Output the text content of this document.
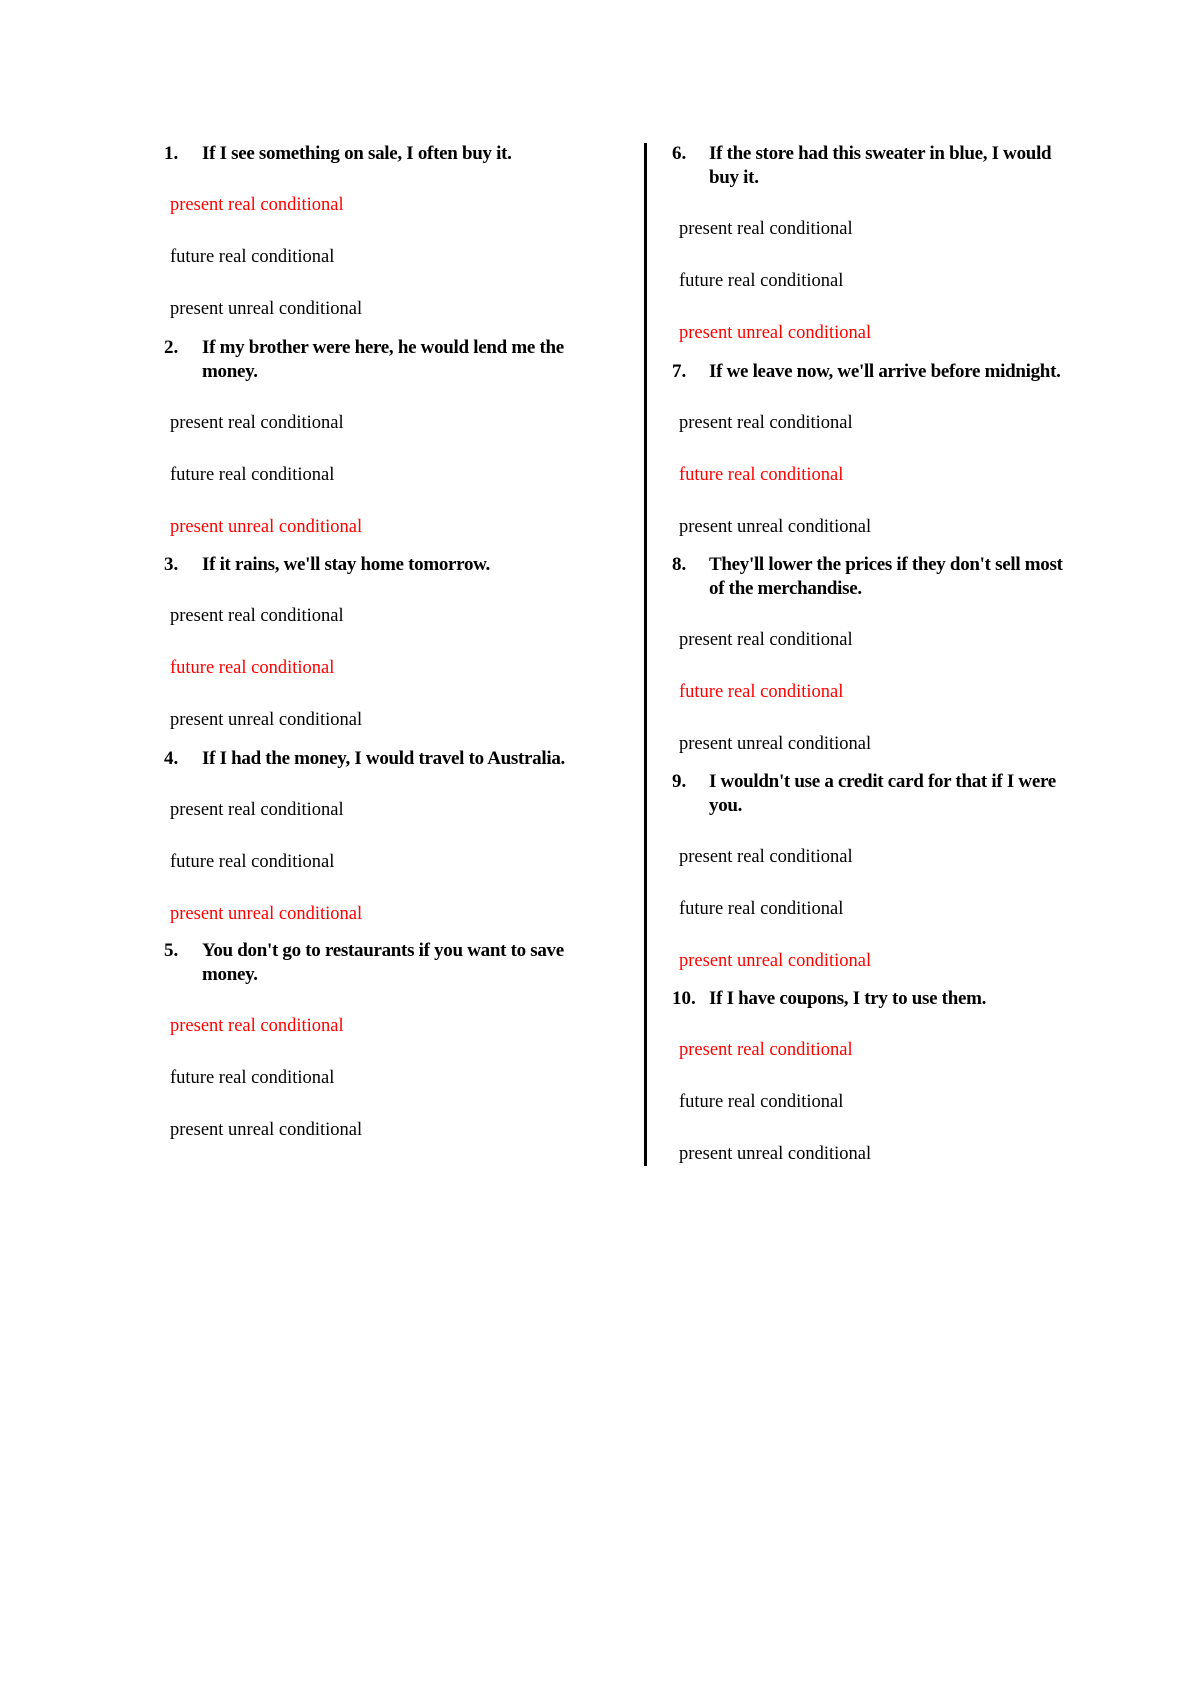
1. If I see something on sale, I often buy it.
present real conditional
future real conditional
present unreal conditional
2. If my brother were here, he would lend me the
money.
present real conditional
future real conditional
present unreal conditional
3. If it rains, we'll stay home tomorrow.
present real conditional
future real conditional
present unreal conditional
4. If I had the money, I would travel to Australia.
present real conditional
future real conditional
present unreal conditional
5. You don't go to restaurants if you want to save
money.
present real conditional
future real conditional
present unreal conditional
6. If the store had this sweater in blue, I would
buy it.
present real conditional
future real conditional
present unreal conditional
7. If we leave now, we'll arrive before midnight.
present real conditional
future real conditional
present unreal conditional
8. They'll lower the prices if they don't sell most
of the merchandise.
present real conditional
future real conditional
present unreal conditional
9. I wouldn't use a credit card for that if I were
you.
present real conditional
future real conditional
present unreal conditional
10. If I have coupons, I try to use them.
present real conditional
future real conditional
present unreal conditional
